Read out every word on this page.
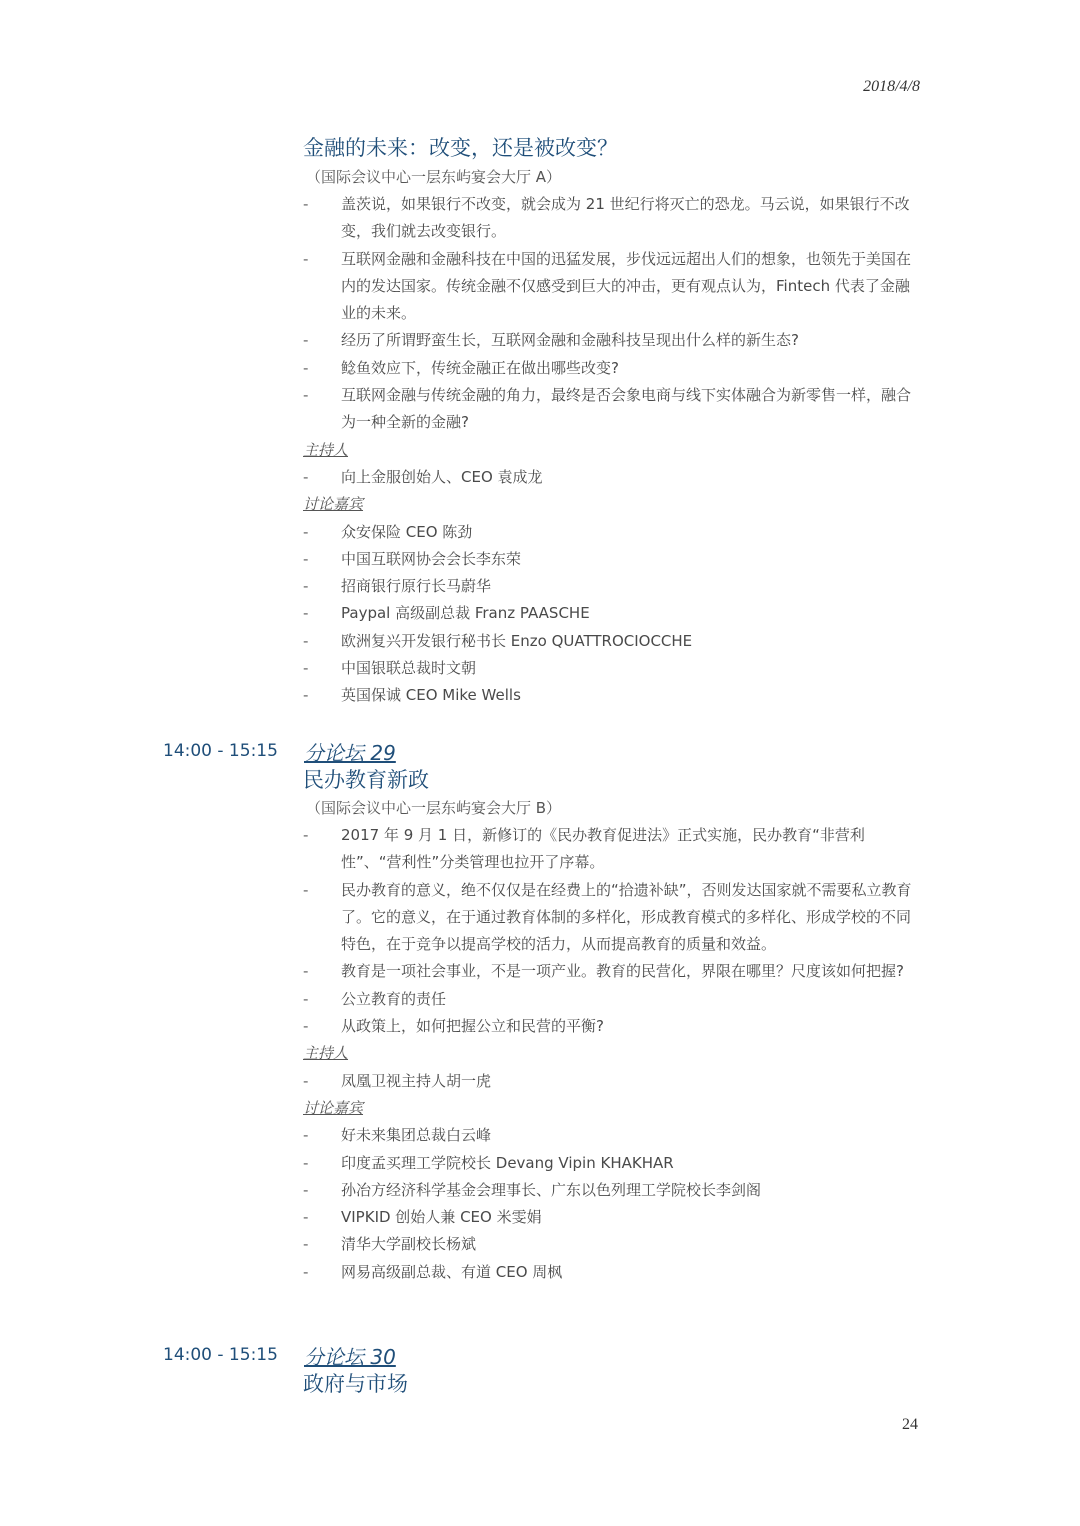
2018/4/8
金融的未来：改变，还是被改变？
（国际会议中心一层东屿宴会大厅 A）
- 盖茨说，如果银行不改变，就会成为 21 世纪行将灭亡的恐龙。马云说，如果银行不改变，我们就去改变银行。
- 互联网金融和金融科技在中国的迅猛发展，步伐远远超出人们的想象，也领先于美国在内的发达国家。传统金融不仅感受到巨大的冲击，更有观点认为，Fintech 代表了金融业的未来。
- 经历了所谓野蛮生长，互联网金融和金融科技呈现出什么样的新生态?
- 鲶鱼效应下，传统金融正在做出哪些改变?
- 互联网金融与传统金融的角力，最终是否会象电商与线下实体融合为新零售一样，融合为一种全新的金融?
主持人
- 向上金服创始人、CEO 袁成龙
讨论嘉宾
- 众安保险 CEO 陈劲
- 中国互联网协会会长李东荣
- 招商银行原行长马蔚华
- Paypal 高级副总裁 Franz PAASCHE
- 欧洲复兴开发银行秘书长 Enzo QUATTROCIOCCHE
- 中国银联总裁时文朝
- 英国保诚 CEO Mike Wells
14:00 - 15:15 分论坛 29
民办教育新政
（国际会议中心一层东屿宴会大厅 B）
- 2017 年 9 月 1 日，新修订的《民办教育促进法》正式实施，民办教育“非营利性”、“营利性”分类管理也拉开了序幕。
- 民办教育的意义，绝不仅仅是在经费上的“拾遗补缺”，否则发达国家就不需要私立教育了。它的意义，在于通过教育体制的多样化，形成教育模式的多样化、形成学校的不同特色，在于竞争以提高学校的活力，从而提高教育的质量和效益。
- 教育是一项社会事业，不是一项产业。教育的民营化，界限在哪里？尺度该如何把握?
- 公立教育的责任
- 从政策上，如何把握公立和民营的平衡?
主持人
- 凤凰卫视主持人胡一虎
讨论嘉宾
- 好未来集团总裁白云峰
- 印度孟买理工学院校长 Devang Vipin KHAKHAR
- 孙冶方经济科学基金会理事长、广东以色列理工学院校长李剑阁
- VIPKID 创始人兼 CEO 米雯娟
- 清华大学副校长杨斌
- 网易高级副总裁、有道 CEO 周枫
14:00 - 15:15 分论坛 30
政府与市场
24
